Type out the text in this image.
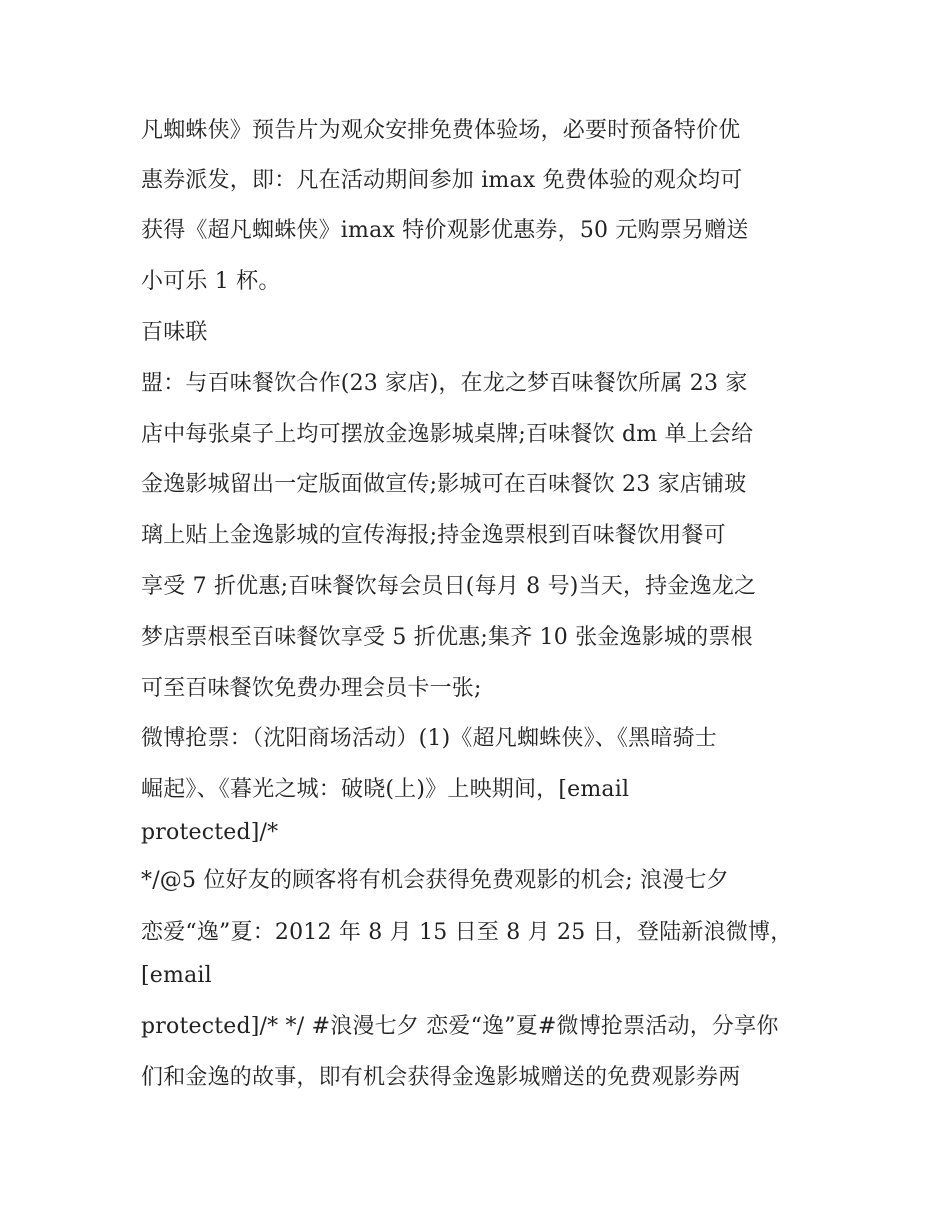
凡蜘蛛侠》预告片为观众安排免费体验场，必要时预备特价优
惠券派发，即：凡在活动期间参加 imax 免费体验的观众均可
获得《超凡蜘蛛侠》imax 特价观影优惠券，50 元购票另赠送
小可乐 1 杯。
百味联
盟：与百味餐饮合作(23 家店)，在龙之梦百味餐饮所属 23 家
店中每张桌子上均可摆放金逸影城桌牌;百味餐饮 dm 单上会给
金逸影城留出一定版面做宣传;影城可在百味餐饮 23 家店铺玻
璃上贴上金逸影城的宣传海报;持金逸票根到百味餐饮用餐可
享受 7 折优惠;百味餐饮每会员日(每月 8 号)当天，持金逸龙之
梦店票根至百味餐饮享受 5 折优惠;集齐 10 张金逸影城的票根
可至百味餐饮免费办理会员卡一张;
微博抢票：（沈阳商场活动）(1)《超凡蜘蛛侠》、《黑暗骑士
崛起》、《暮光之城：破晓(上)》上映期间，[email
protected]/*
*/@5 位好友的顾客将有机会获得免费观影的机会; 浪漫七夕
恋爱“逸”夏：2012 年 8 月 15 日至 8 月 25 日，登陆新浪微博，
[email
protected]/* */ #浪漫七夕 恋爱“逸”夏#微博抢票活动，分享你
们和金逸的故事，即有机会获得金逸影城赠送的免费观影券两
